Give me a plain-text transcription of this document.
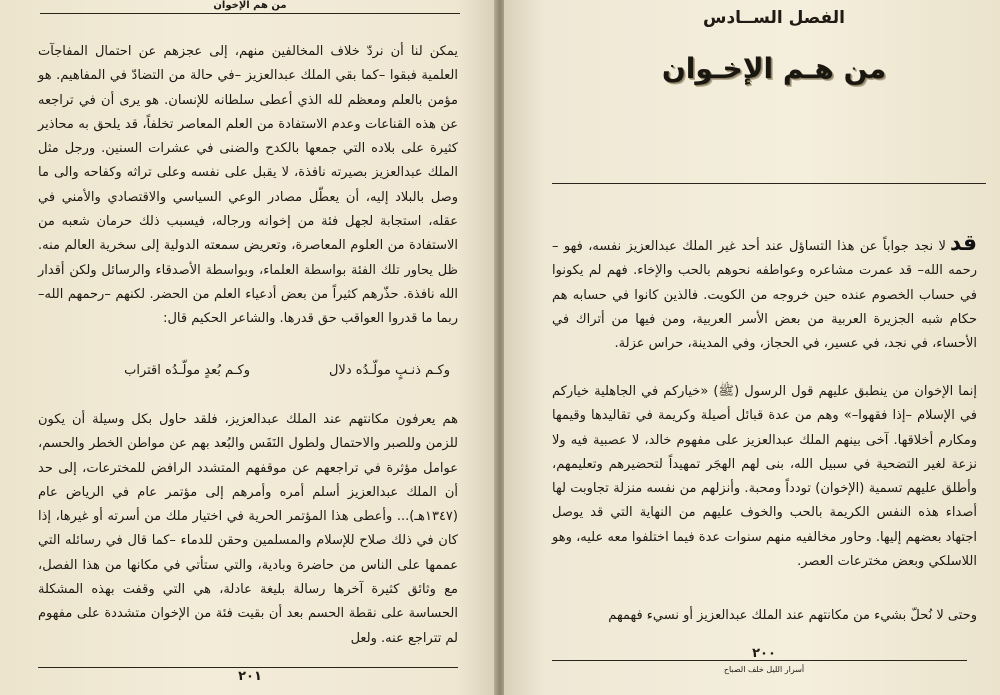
من هم الإخوان

يمكن لنا أن نردّ خلاف المخالفين منهم، إلى عجزهم عن احتمال المفاجآت العلمية فبقوا –كما بقي الملك عبدالعزيز –في حالة من التضادّ في المفاهيم. هو مؤمن بالعلم ومعظم لله الذي أعطى سلطانه للإنسان. هو يرى أن في تراجعه عن هذه القناعات وعدم الاستفادة من العلم المعاصر تخلفاً، قد يلحق به محاذير كثيرة على بلاده التي جمعها بالكدح والضنى في عشرات السنين. ورجل مثل الملك عبدالعزيز بصيرته نافذة، لا يقبل على نفسه وعلى تراثه وكفاحه والى ما وصل بالبلاد إليه، أن يعطّل مصادر الوعي السياسي والاقتصادي والأمني في عقله، استجابة لجهل فئة من إخوانه ورجاله، فيسبب ذلك حرمان شعبه من الاستفادة من العلوم المعاصرة، وتعريض سمعته الدولية إلى سخرية العالم منه. ظل يحاور تلك الفئة بواسطة العلماء، وبواسطة الأصدقاء والرسائل ولكن أقدار الله نافذة. حذّرهم كثيراً من بعض أدعياء العلم من الحضر. لكنهم –رحمهم الله– ربما ما قدروا العواقب حق قدرها. والشاعر الحكيم قال:

وكـم ذنـبٍ مولّـدُه دلال
وكـم بُعدٍ مولّـدُه اقتراب

هم يعرفون مكانتهم عند الملك عبدالعزيز، فلقد حاول بكل وسيلة أن يكون للزمن وللصبر والاحتمال ولطول النَفَس والبُعد بهم عن مواطن الخطر والحسم، عوامل مؤثرة في تراجعهم عن موقفهم المتشدد الرافض للمخترعات، إلى حد أن الملك عبدالعزيز أسلم أمره وأمرهم إلى مؤتمر عام في الرياض عام (١٣٤٧هـ)... وأعطى هذا المؤتمر الحرية في اختيار ملك من أسرته أو غيرها، إذا كان في ذلك صلاح للإسلام والمسلمين وحقن للدماء –كما قال في رسائله التي عممها على الناس من حاضرة وبادية، والتي ستأتي في مكانها من هذا الفصل، مع وثائق كثيرة آخرها رسالة بليغة عادلة، هي التي وقفت بهذه المشكلة الحساسة على نقطة الحسم بعد أن بقيت فئة من الإخوان متشددة على مفهوم لم تتراجع عنه. ولعل

٢٠١
الفصل الســادس
من هـم الإخـوان

قدلا نجد جواباً عن هذا التساؤل عند أحد غير الملك عبدالعزيز نفسه، فهو –رحمه الله– قد عمرت مشاعره وعواطفه نحوهم بالحب والإخاء. فهم لم يكونوا في حساب الخصوم عنده حين خروجه من الكويت. فالذين كانوا في حسابه هم حكام شبه الجزيرة العربية من بعض الأسر العربية، ومن فيها من أتراك في الأحساء، في نجد، في عسير، في الحجاز، وفي المدينة، حراس عزلة.

إنما الإخوان من ينطبق عليهم قول الرسول (ﷺ) «خياركم في الجاهلية خياركم في الإسلام –إذا فقهوا–» وهم من عدة قبائل أصيلة وكريمة في تقاليدها وقيمها ومكارم أخلاقها. آخى بينهم الملك عبدالعزيز على مفهوم خالد، لا عصبية فيه ولا نزعة لغير التضحية في سبيل الله، بنى لهم الهجَر تمهيداً لتحضيرهم وتعليمهم، وأطلق عليهم تسمية (الإخوان) تودداً ومحبة. وأنزلهم من نفسه منزلة تجاوبت لها أصداء هذه النفس الكريمة بالحب والخوف عليهم من النهاية التي قد يوصل اجتهاد بعضهم إليها. وحاور مخالفيه منهم سنوات عدة فيما اختلفوا معه عليه، وهو اللاسلكي وبعض مخترعات العصر.

وحتى لا نُحلّ بشيء من مكانتهم عند الملك عبدالعزيز أو نسيء فهمهم

٢٠٠
أسرار الليل خلف الصباح
